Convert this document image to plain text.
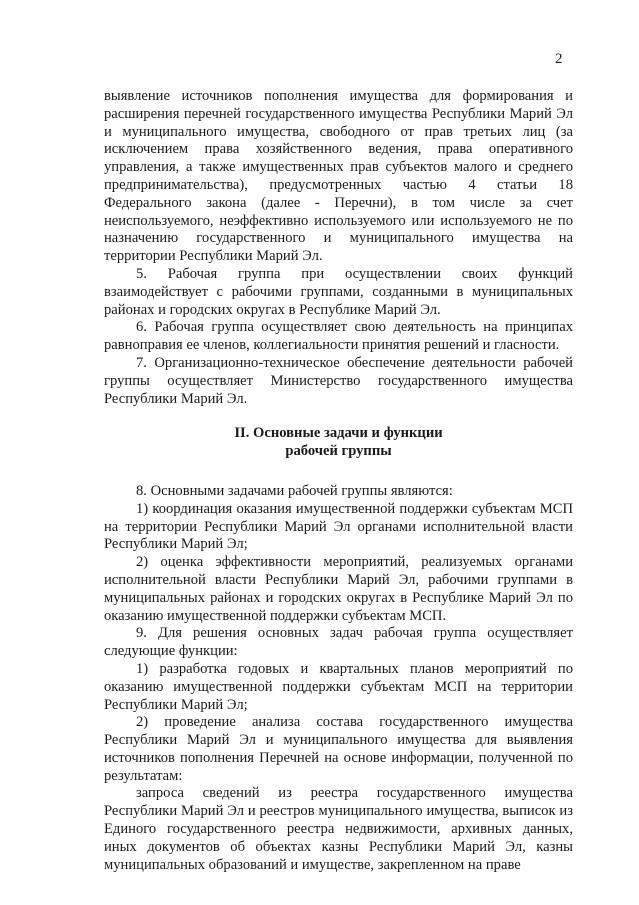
2

выявление источников пополнения имущества для формирования и расширения перечней государственного имущества Республики Марий Эл и муниципального имущества, свободного от прав третьих лиц (за исключением права хозяйственного ведения, права оперативного управления, а также имущественных прав субъектов малого и среднего предпринимательства), предусмотренных частью 4 статьи 18 Федерального закона (далее - Перечни), в том числе за счет неиспользуемого, неэффективно используемого или используемого не по назначению государственного и муниципального имущества на территории Республики Марий Эл.

5. Рабочая группа при осуществлении своих функций взаимодействует с рабочими группами, созданными в муниципальных районах и городских округах в Республике Марий Эл.

6. Рабочая группа осуществляет свою деятельность на принципах равноправия ее членов, коллегиальности принятия решений и гласности.

7. Организационно-техническое обеспечение деятельности рабочей группы осуществляет Министерство государственного имущества Республики Марий Эл.

II. Основные задачи и функции
рабочей группы

8. Основными задачами рабочей группы являются:

1) координация оказания имущественной поддержки субъектам МСП на территории Республики Марий Эл органами исполнительной власти Республики Марий Эл;

2) оценка эффективности мероприятий, реализуемых органами исполнительной власти Республики Марий Эл, рабочими группами в муниципальных районах и городских округах в Республике Марий Эл по оказанию имущественной поддержки субъектам МСП.

9. Для решения основных задач рабочая группа осуществляет следующие функции:

1) разработка годовых и квартальных планов мероприятий по оказанию имущественной поддержки субъектам МСП на территории Республики Марий Эл;

2) проведение анализа состава государственного имущества Республики Марий Эл и муниципального имущества для выявления источников пополнения Перечней на основе информации, полученной по результатам:

запроса сведений из реестра государственного имущества Республики Марий Эл и реестров муниципального имущества, выписок из Единого государственного реестра недвижимости, архивных данных, иных документов об объектах казны Республики Марий Эл, казны муниципальных образований и имуществе, закрепленном на праве
